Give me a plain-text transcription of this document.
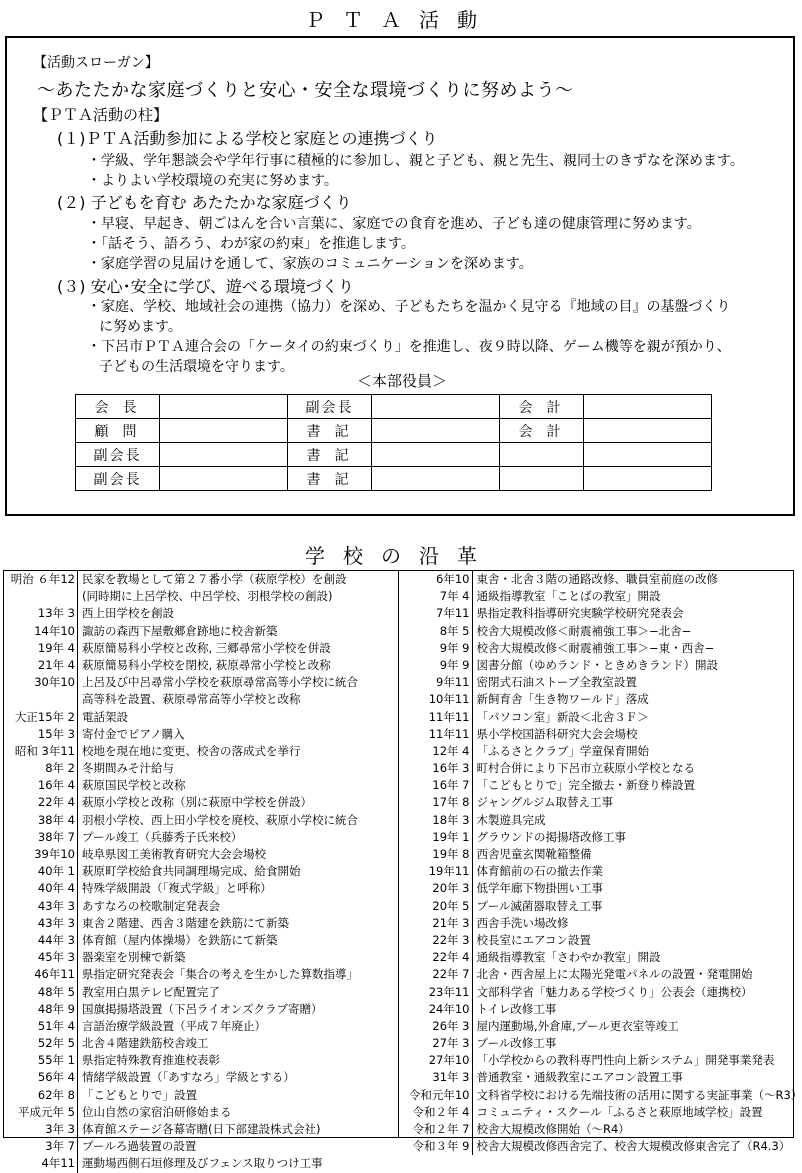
ＰＴＡ活動
【活動スローガン】
〜あたたかな家庭づくりと安心・安全な環境づくりに努めよう〜
【ＰＴＡ活動の柱】
(１)ＰＴＡ活動参加による学校と家庭との連携づくり
・学級、学年懇談会や学年行事に積極的に参加し、親と子ども、親と先生、親同士のきずなを深めます。
・よりよい学校環境の充実に努めます。
(２) 子どもを育む あたたかな家庭づくり
・早寝、早起き、朝ごはんを合い言葉に、家庭での食育を進め、子ども達の健康管理に努めます。
・「話そう、語ろう、わが家の約束」を推進します。
・家庭学習の見届けを通して、家族のコミュニケーションを深めます。
(３) 安心･安全に学び、遊べる環境づくり
・家庭、学校、地域社会の連携（協力）を深め、子どもたちを温かく見守る『地域の目』の基盤づくり
に努めます。
・下呂市ＰＴＡ連合会の「ケータイの約束づくり」を推進し、夜９時以降、ゲーム機等を親が預かり、
子どもの生活環境を守ります。
＜本部役員＞
会長		副会長		会計	
顧問		書記		会計	
副会長		書記			
副会長		書記			
学校の沿革
明治 ６年12 民家を教場として第２７番小学（萩原学校）を創設
(同時期に上呂学校、中呂学校、羽根学校の創設)
13年 3 西上田学校を創設
14年10 諏訪の森西下屋敷郷倉跡地に校舎新築
19年 4 萩原簡易科小学校と改称, 三郷尋常小学校を併設
21年 4 萩原簡易科小学校を閉校, 萩原尋常小学校と改称
30年10 上呂及び中呂尋常小学校を萩原尋常高等小学校に統合
高等科を設置、萩原尋常高等小学校と改称
大正15年 2 電話架設
15年 3 寄付金でピアノ購入
昭和 3年11 校地を現在地に変更、校舎の落成式を挙行
8年 2 冬期間みそ汁給与
16年 4 萩原国民学校と改称
22年 4 萩原小学校と改称（別に萩原中学校を併設）
38年 4 羽根小学校、西上田小学校を廃校、萩原小学校に統合
38年 7 プール竣工（兵藤秀子氏来校）
39年10 岐阜県図工美術教育研究大会会場校
40年 1 萩原町学校給食共同調理場完成、給食開始
40年 4 特殊学級開設（「複式学級」と呼称）
43年 3 あすなろの校歌制定発表会
43年 3 東舎２階建、西舎３階建を鉄筋にて新築
44年 3 体育館（屋内体操場）を鉄筋にて新築
45年 3 器楽室を別棟で新築
46年11 県指定研究発表会「集合の考えを生かした算数指導」
48年 5 教室用白黒テレビ配置完了
48年 9 国旗掲揚塔設置（下呂ライオンズクラブ寄贈）
51年 4 言語治療学級設置（平成７年廃止）
52年 5 北舎４階建鉄筋校舎竣工
55年 1 県指定特殊教育推進校表彰
56年 4 情緒学級設置（「あすなろ」学級とする）
62年 8 「こどもとりで」設置
平成元年 5 位山自然の家宿泊研修始まる
3年 3 体育館ステージ各幕寄贈(日下部建設株式会社)
3年 7 プールろ過装置の設置
4年11 運動場西側石垣修理及びフェンス取りつけ工事
6年10 東舎・北舎３階の通路改修、職員室前庭の改修
7年 4 通級指導教室「ことばの教室」開設
7年11 県指定教科指導研究実験学校研究発表会
8年 5 校舎大規模改修＜耐震補強工事＞−北舎−
9年 9 校舎大規模改修＜耐震補強工事＞−東・西舎−
9年 9 図書分館（ゆめランド・ときめきランド）開設
9年11 密閉式石油ストーブ全教室設置
10年11 新飼育舎「生き物ワールド」落成
11年11 「パソコン室」新設＜北舎３Ｆ＞
11年11 県小学校国語科研究大会会場校
12年 4 「ふるさとクラブ」学童保育開始
16年 3 町村合併により下呂市立萩原小学校となる
16年 7 「こどもとりで」完全撤去・新登り棒設置
17年 8 ジャングルジム取替え工事
18年 3 木製遊具完成
19年 1 グラウンドの掲揚塔改修工事
19年 8 西舎児童玄関靴箱整備
19年11 体育館前の石の撤去作業
20年 3 低学年廊下物掛囲い工事
20年 5 プール滅菌器取替え工事
21年 3 西舎手洗い場改修
22年 3 校長室にエアコン設置
22年 4 通級指導教室「さわやか教室」開設
22年 7 北舎・西舎屋上に太陽光発電パネルの設置・発電開始
23年11 文部科学省「魅力ある学校づくり」公表会（連携校）
24年10 トイレ改修工事
26年 3 屋内運動場,外倉庫,プール更衣室等竣工
27年 3 プール改修工事
27年10 「小学校からの教科専門性向上新システム」開発事業発表
31年 3 普通教室・通級教室にエアコン設置工事
令和元年10 文科省学校における先端技術の活用に関する実証事業（〜R3）
令和２年 4 コミュニティ・スクール「ふるさと萩原地域学校」設置
令和２年 7 校舎大規模改修開始（〜R4）
令和３年 9 校舎大規模改修西舎完了、校舎大規模改修東舎完了（R4.3）
